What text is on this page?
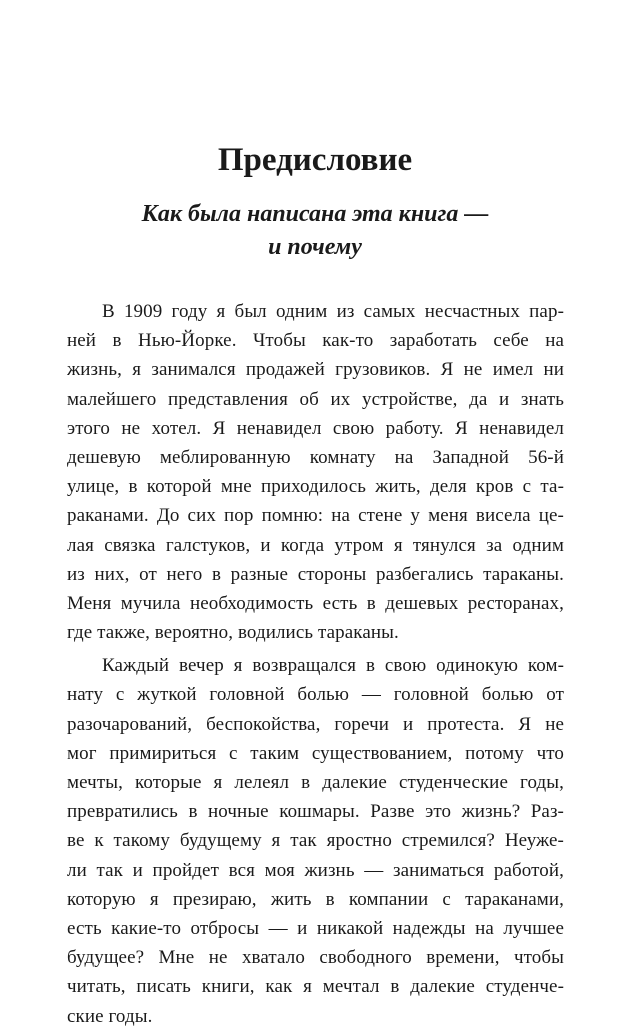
Предисловие
Как была написана эта книга —
и почему
В 1909 году я был одним из самых несчастных пар-
ней в Нью-Йорке. Чтобы как-то заработать себе на
жизнь, я занимался продажей грузовиков. Я не имел ни
малейшего представления об их устройстве, да и знать
этого не хотел. Я ненавидел свою работу. Я ненавидел
дешевую меблированную комнату на Западной 56-й
улице, в которой мне приходилось жить, деля кров с та-
раканами. До сих пор помню: на стене у меня висела це-
лая связка галстуков, и когда утром я тянулся за одним
из них, от него в разные стороны разбегались тараканы.
Меня мучила необходимость есть в дешевых ресторанах,
где также, вероятно, водились тараканы.
Каждый вечер я возвращался в свою одинокую ком-
нату с жуткой головной болью — головной болью от
разочарований, беспокойства, горечи и протеста. Я не
мог примириться с таким существованием, потому что
мечты, которые я лелеял в далекие студенческие годы,
превратились в ночные кошмары. Разве это жизнь? Раз-
ве к такому будущему я так яростно стремился? Неуже-
ли так и пройдет вся моя жизнь — заниматься работой,
которую я презираю, жить в компании с тараканами,
есть какие-то отбросы — и никакой надежды на лучшее
будущее? Мне не хватало свободного времени, чтобы
читать, писать книги, как я мечтал в далекие студенче-
ские годы.
